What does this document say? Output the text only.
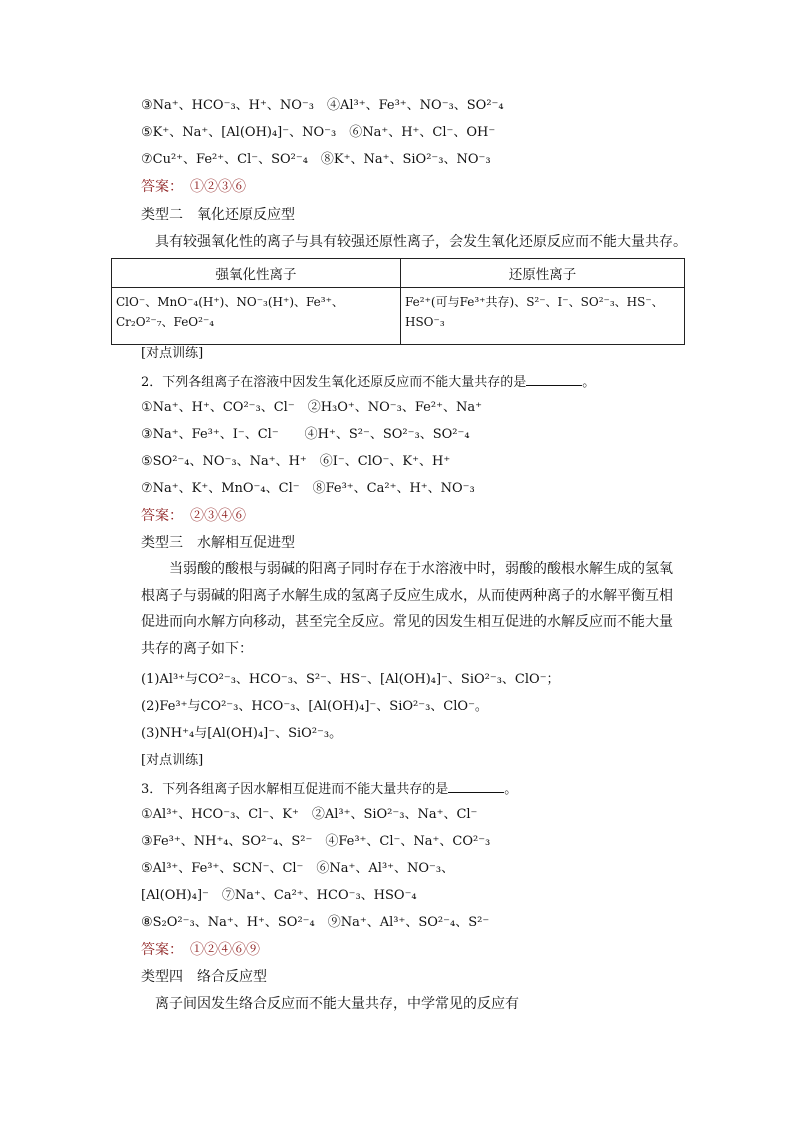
③Na⁺、HCO⁻₃、H⁺、NO⁻₃　④Al³⁺、Fe³⁺、NO⁻₃、SO²⁻₄
⑤K⁺、Na⁺、[Al(OH)₄]⁻、NO⁻₃　⑥Na⁺、H⁺、Cl⁻、OH⁻
⑦Cu²⁺、Fe²⁺、Cl⁻、SO²⁻₄　⑧K⁺、Na⁺、SiO²⁻₃、NO⁻₃
答案：　①②③⑥
类型二　氧化还原反应型
具有较强氧化性的离子与具有较强还原性离子，会发生氧化还原反应而不能大量共存。
强氧化性离子	还原性离子
ClO⁻、MnO⁻₄(H⁺)、NO⁻₃(H⁺)、Fe³⁺、Cr₂O²⁻₇、FeO²⁻₄	Fe²⁺(可与Fe³⁺共存)、S²⁻、I⁻、SO²⁻₃、HS⁻、HSO⁻₃
[对点训练]
2．下列各组离子在溶液中因发生氧化还原反应而不能大量共存的是	。
①Na⁺、H⁺、CO²⁻₃、Cl⁻　②H₃O⁺、NO⁻₃、Fe²⁺、Na⁺
③Na⁺、Fe³⁺、I⁻、Cl⁻　　④H⁺、S²⁻、SO²⁻₃、SO²⁻₄
⑤SO²⁻₄、NO⁻₃、Na⁺、H⁺　⑥I⁻、ClO⁻、K⁺、H⁺
⑦Na⁺、K⁺、MnO⁻₄、Cl⁻　⑧Fe³⁺、Ca²⁺、H⁺、NO⁻₃
答案：　②③④⑥
类型三　水解相互促进型

当弱酸的酸根与弱碱的阳离子同时存在于水溶液中时，弱酸的酸根水解生成的氢氧根离子与弱碱的阳离子水解生成的氢离子反应生成水，从而使两种离子的水解平衡互相促进而向水解方向移动，甚至完全反应。常见的因发生相互促进的水解反应而不能大量共存的离子如下：

(1)Al³⁺与CO²⁻₃、HCO⁻₃、S²⁻、HS⁻、[Al(OH)₄]⁻、SiO²⁻₃、ClO⁻；
(2)Fe³⁺与CO²⁻₃、HCO⁻₃、[Al(OH)₄]⁻、SiO²⁻₃、ClO⁻。
(3)NH⁺₄与[Al(OH)₄]⁻、SiO²⁻₃。
[对点训练]
3．下列各组离子因水解相互促进而不能大量共存的是	。
①Al³⁺、HCO⁻₃、Cl⁻、K⁺　②Al³⁺、SiO²⁻₃、Na⁺、Cl⁻
③Fe³⁺、NH⁺₄、SO²⁻₄、S²⁻　④Fe³⁺、Cl⁻、Na⁺、CO²⁻₃
⑤Al³⁺、Fe³⁺、SCN⁻、Cl⁻　⑥Na⁺、Al³⁺、NO⁻₃、
[Al(OH)₄]⁻　⑦Na⁺、Ca²⁺、HCO⁻₃、HSO⁻₄
⑧S₂O²⁻₃、Na⁺、H⁺、SO²⁻₄　⑨Na⁺、Al³⁺、SO²⁻₄、S²⁻
答案：　①②④⑥⑨
类型四　络合反应型
离子间因发生络合反应而不能大量共存，中学常见的反应有
